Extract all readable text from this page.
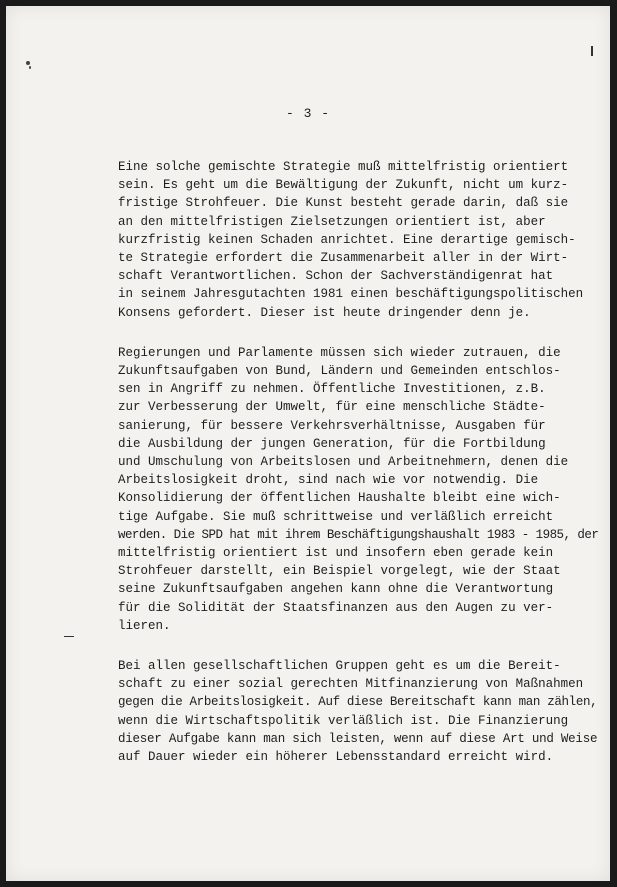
- 3 -
Eine solche gemischte Strategie muß mittelfristig orientiert
sein. Es geht um die Bewältigung der Zukunft, nicht um kurz-
fristige Strohfeuer. Die Kunst besteht gerade darin, daß sie
an den mittelfristigen Zielsetzungen orientiert ist, aber
kurzfristig keinen Schaden anrichtet. Eine derartige gemisch-
te Strategie erfordert die Zusammenarbeit aller in der Wirt-
schaft Verantwortlichen. Schon der Sachverständigenrat hat
in seinem Jahresgutachten 1981 einen beschäftigungspolitischen
Konsens gefordert. Dieser ist heute dringender denn je.
Regierungen und Parlamente müssen sich wieder zutrauen, die
Zukunftsaufgaben von Bund, Ländern und Gemeinden entschlos-
sen in Angriff zu nehmen. Öffentliche Investitionen, z.B.
zur Verbesserung der Umwelt, für eine menschliche Städte-
sanierung, für bessere Verkehrsverhältnisse, Ausgaben für
die Ausbildung der jungen Generation, für die Fortbildung
und Umschulung von Arbeitslosen und Arbeitnehmern, denen die
Arbeitslosigkeit droht, sind nach wie vor notwendig. Die
Konsolidierung der öffentlichen Haushalte bleibt eine wich-
tige Aufgabe. Sie muß schrittweise und verläßlich erreicht
werden. Die SPD hat mit ihrem Beschäftigungshaushalt 1983 - 1985, der
mittelfristig orientiert ist und insofern eben gerade kein
Strohfeuer darstellt, ein Beispiel vorgelegt, wie der Staat
seine Zukunftsaufgaben angehen kann ohne die Verantwortung
für die Solidität der Staatsfinanzen aus den Augen zu ver-
lieren.
Bei allen gesellschaftlichen Gruppen geht es um die Bereit-
schaft zu einer sozial gerechten Mitfinanzierung von Maßnahmen
gegen die Arbeitslosigkeit. Auf diese Bereitschaft kann man zählen,
wenn die Wirtschaftspolitik verläßlich ist. Die Finanzierung
dieser Aufgabe kann man sich leisten, wenn auf diese Art und Weise
auf Dauer wieder ein höherer Lebensstandard erreicht wird.
